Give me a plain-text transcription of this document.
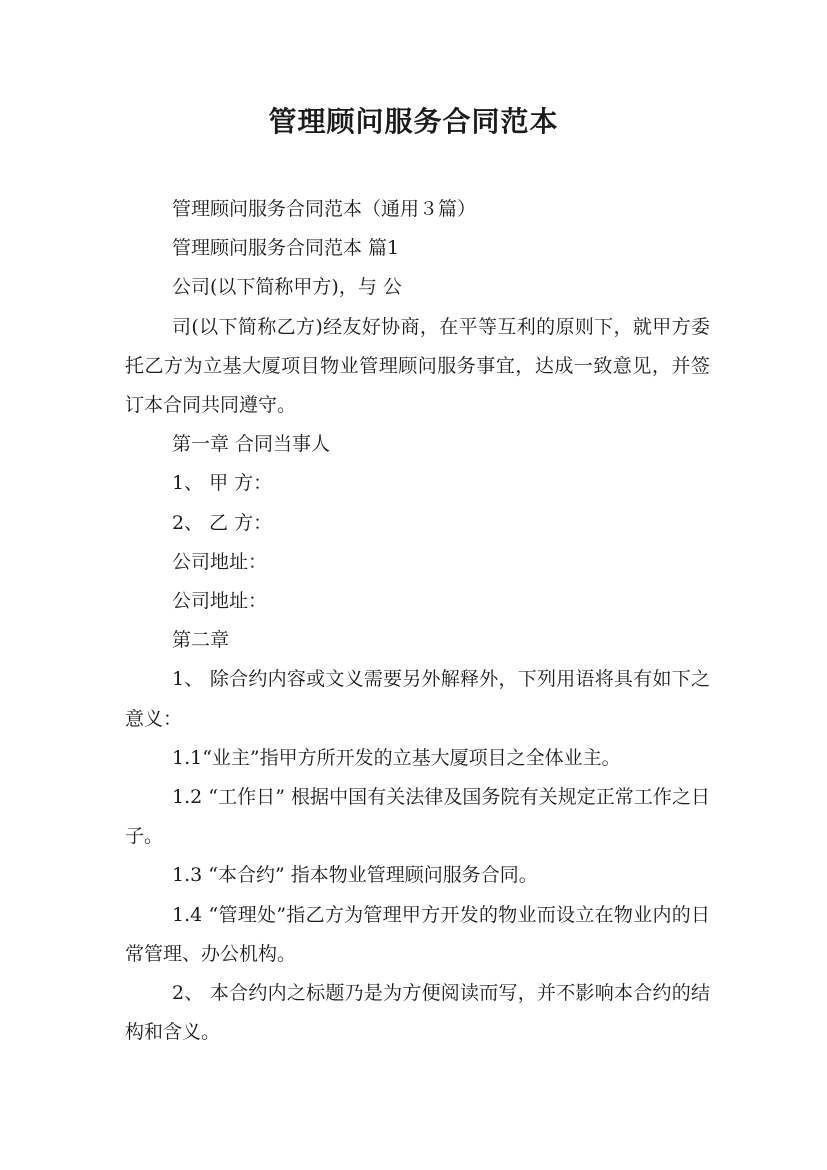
管理顾问服务合同范本

管理顾问服务合同范本（通用３篇）

管理顾问服务合同范本 篇1

公司(以下简称甲方)，与 公

司(以下简称乙方)经友好协商，在平等互利的原则下，就甲方委托乙方为立基大厦项目物业管理顾问服务事宜，达成一致意见，并签订本合同共同遵守。

第一章 合同当事人

1、 甲 方：

2、 乙 方：

公司地址：

公司地址：

第二章

1、 除合约内容或文义需要另外解释外，下列用语将具有如下之意义：

1.1“业主”指甲方所开发的立基大厦项目之全体业主。

1.2 “工作日” 根据中国有关法律及国务院有关规定正常工作之日 子。

1.3 “本合约” 指本物业管理顾问服务合同。

1.4 “管理处”指乙方为管理甲方开发的物业而设立在物业内的日常管理、办公机构。

2、 本合约内之标题乃是为方便阅读而写，并不影响本合约的结构和含义。
